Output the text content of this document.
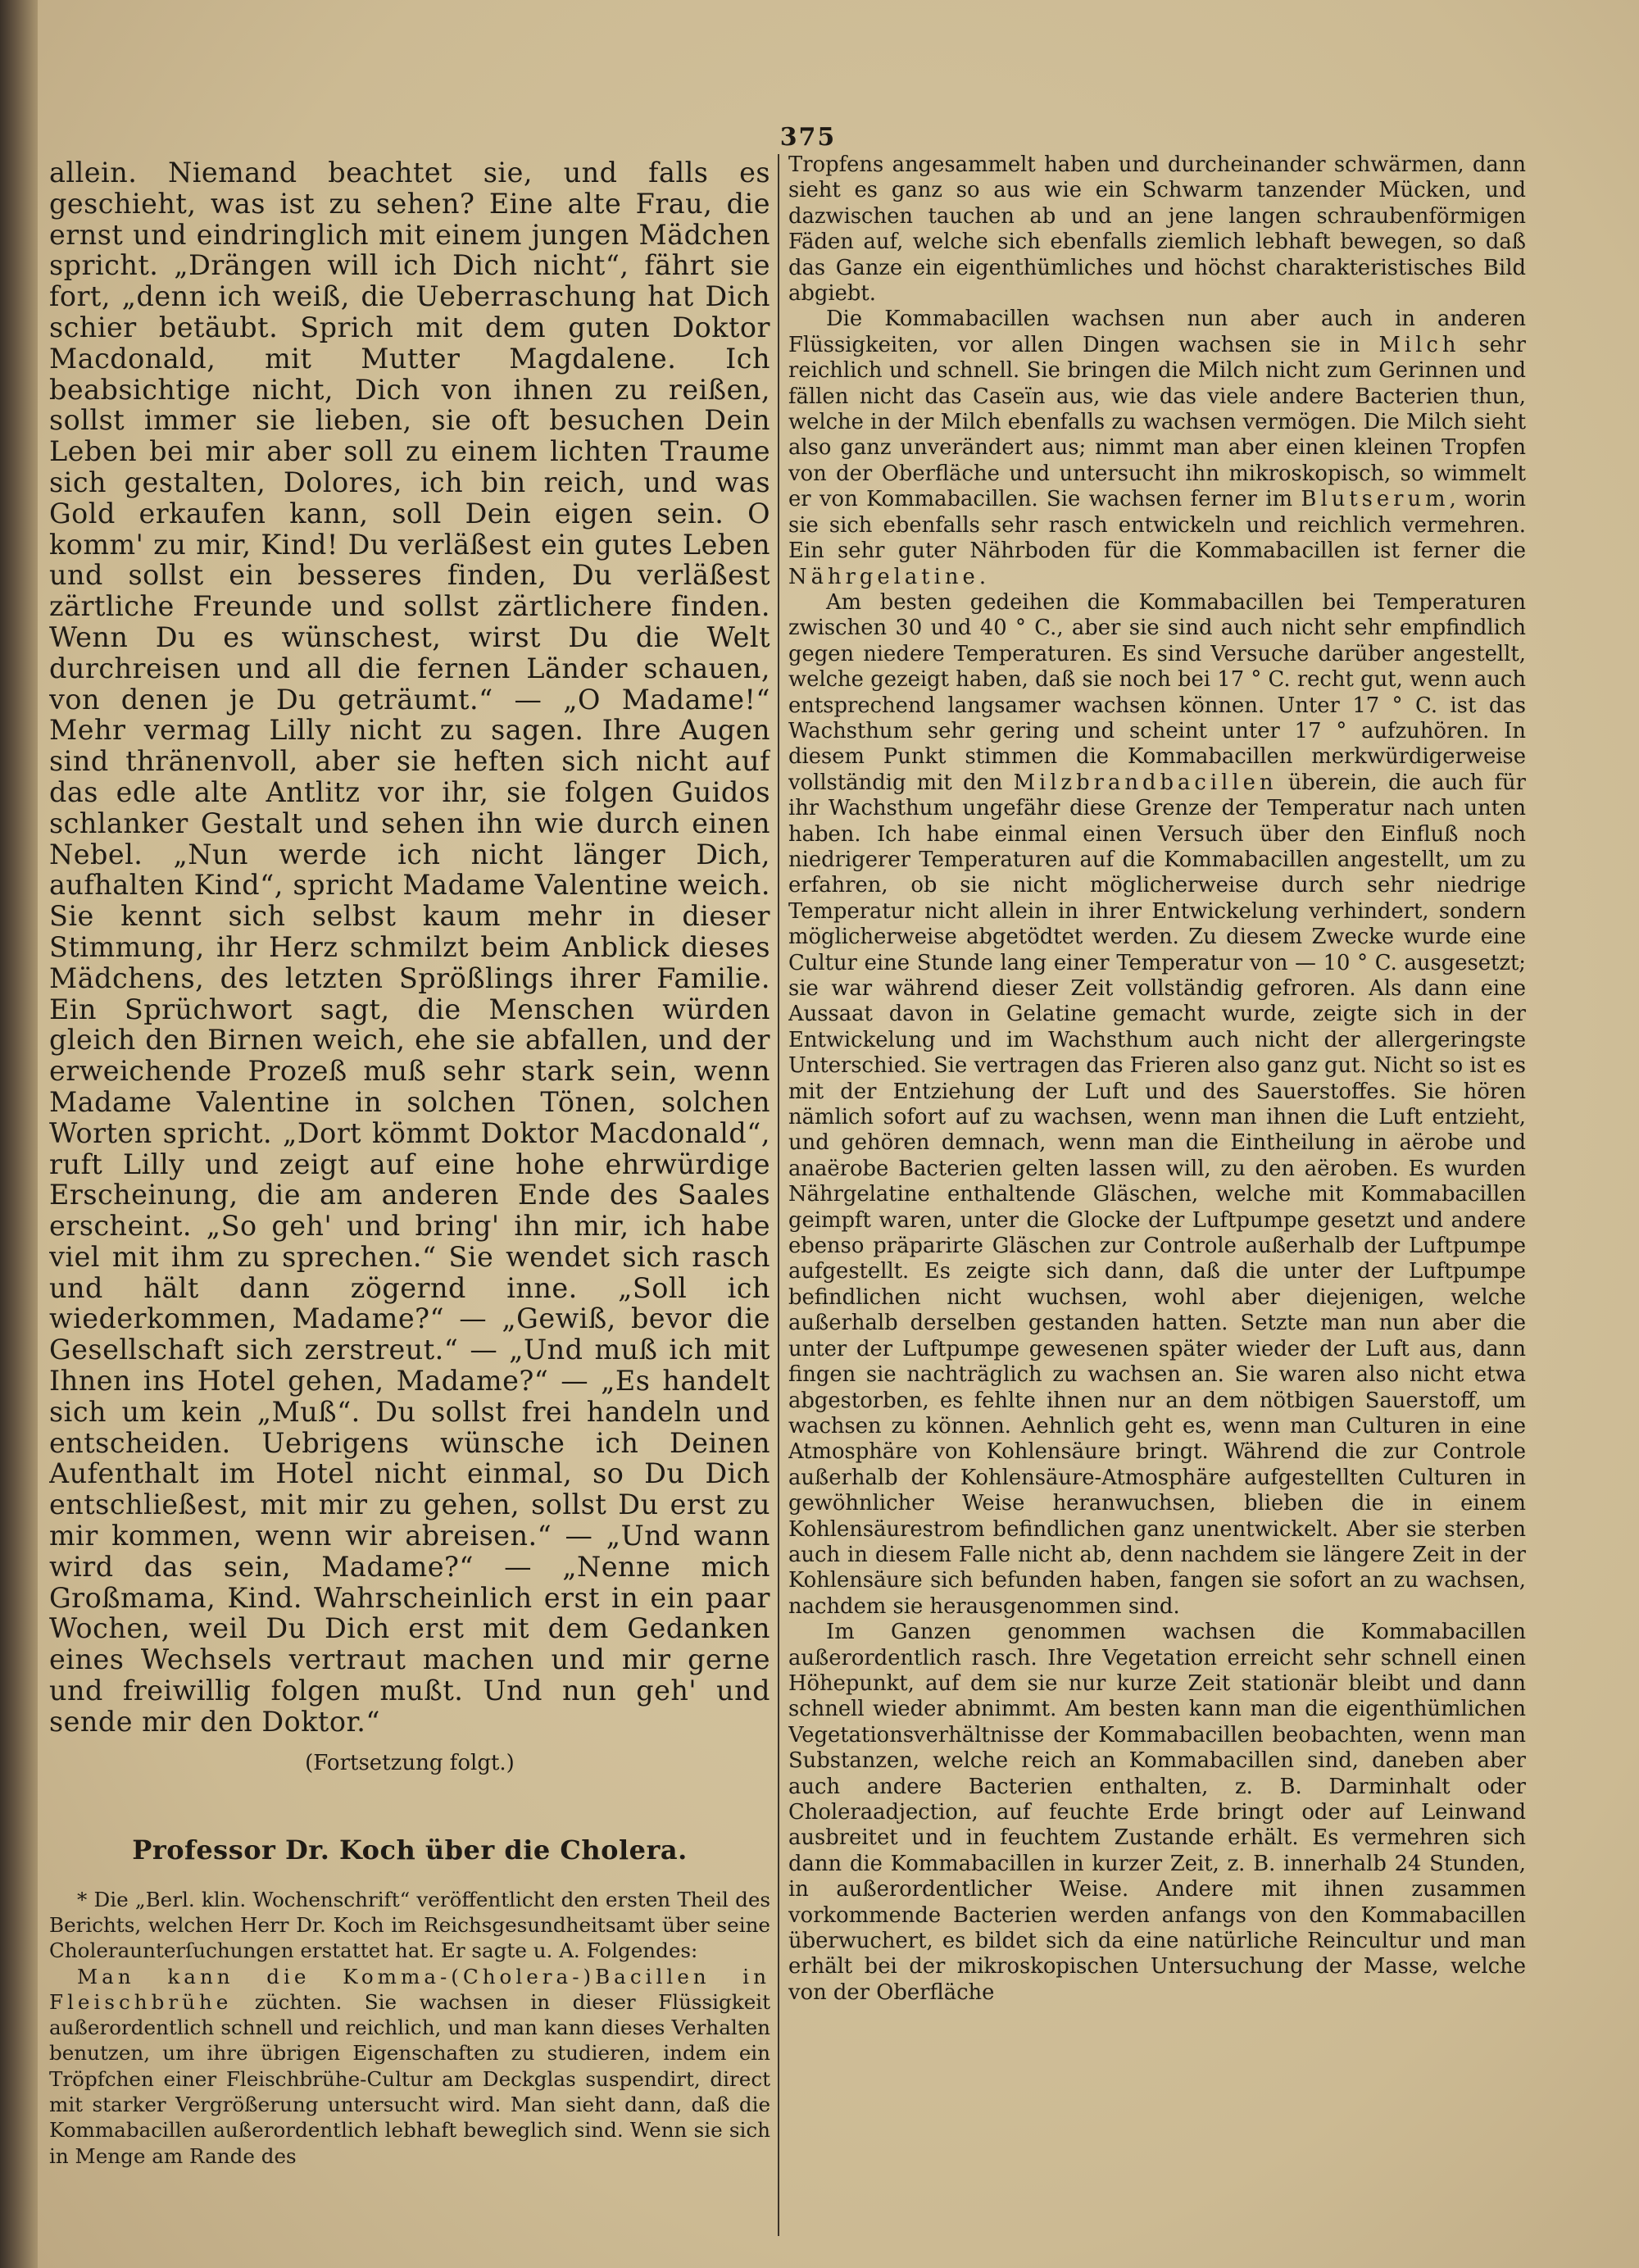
375

allein. Niemand beachtet sie, und falls es geschieht, was ist zu sehen? Eine alte Frau, die ernst und eindringlich mit einem jungen Mädchen spricht. „Drängen will ich Dich nicht“, fährt sie fort, „denn ich weiß, die Ueberraschung hat Dich schier betäubt. Sprich mit dem guten Doktor Macdonald, mit Mutter Magdalene. Ich beabsichtige nicht, Dich von ihnen zu reißen, sollst immer sie lieben, sie oft besuchen Dein Leben bei mir aber soll zu einem lichten Traume sich gestalten, Dolores, ich bin reich, und was Gold erkaufen kann, soll Dein eigen sein. O komm' zu mir, Kind! Du verläßest ein gutes Leben und sollst ein besseres finden, Du verläßest zärtliche Freunde und sollst zärtlichere finden. Wenn Du es wünschest, wirst Du die Welt durchreisen und all die fernen Länder schauen, von denen je Du geträumt.“ — „O Madame!“ Mehr vermag Lilly nicht zu sagen. Ihre Augen sind thränenvoll, aber sie heften sich nicht auf das edle alte Antlitz vor ihr, sie folgen Guidos schlanker Gestalt und sehen ihn wie durch einen Nebel. „Nun werde ich nicht länger Dich, aufhalten Kind“, spricht Madame Valentine weich. Sie kennt sich selbst kaum mehr in dieser Stimmung, ihr Herz schmilzt beim Anblick dieses Mädchens, des letzten Sprößlings ihrer Familie. Ein Sprüchwort sagt, die Menschen würden gleich den Birnen weich, ehe sie abfallen, und der erweichende Prozeß muß sehr stark sein, wenn Madame Valentine in solchen Tönen, solchen Worten spricht. „Dort kömmt Doktor Macdonald“, ruft Lilly und zeigt auf eine hohe ehrwürdige Erscheinung, die am anderen Ende des Saales erscheint. „So geh' und bring' ihn mir, ich habe viel mit ihm zu sprechen.“ Sie wendet sich rasch und hält dann zögernd inne. „Soll ich wiederkommen, Madame?“ — „Gewiß, bevor die Gesellschaft sich zerstreut.“ — „Und muß ich mit Ihnen ins Hotel gehen, Madame?“ — „Es handelt sich um kein „Muß“. Du sollst frei handeln und entscheiden. Uebrigens wünsche ich Deinen Aufenthalt im Hotel nicht einmal, so Du Dich entschließest, mit mir zu gehen, sollst Du erst zu mir kommen, wenn wir abreisen.“ — „Und wann wird das sein, Madame?“ — „Nenne mich Großmama, Kind. Wahrscheinlich erst in ein paar Wochen, weil Du Dich erst mit dem Gedanken eines Wechsels vertraut machen und mir gerne und freiwillig folgen mußt. Und nun geh' und sende mir den Doktor.“

(Fortsetzung folgt.)

Professor Dr. Koch über die Cholera.

* Die „Berl. klin. Wochenschrift“ veröffentlicht den ersten Theil des Berichts, welchen Herr Dr. Koch im Reichsgesundheitsamt über seine Choleraunterſuchungen erstattet hat. Er sagte u. A. Folgendes:

Man kann die Komma-(Cholera-)Bacillen in Fleischbrühe züchten. Sie wachsen in dieser Flüssigkeit außerordentlich schnell und reichlich, und man kann dieses Verhalten benutzen, um ihre übrigen Eigenschaften zu studieren, indem ein Tröpfchen einer Fleischbrühe-Cultur am Deckglas suspendirt, direct mit starker Vergrößerung untersucht wird. Man sieht dann, daß die Kommabacillen außerordentlich lebhaft beweglich sind. Wenn sie sich in Menge am Rande des

Tropfens angesammelt haben und durcheinander schwärmen, dann sieht es ganz so aus wie ein Schwarm tanzender Mücken, und dazwischen tauchen ab und an jene langen schraubenförmigen Fäden auf, welche sich ebenfalls ziemlich lebhaft bewegen, so daß das Ganze ein eigenthümliches und höchst charakteristisches Bild abgiebt.

Die Kommabacillen wachsen nun aber auch in anderen Flüssigkeiten, vor allen Dingen wachsen sie in Milch sehr reichlich und schnell. Sie bringen die Milch nicht zum Gerinnen und fällen nicht das Caseïn aus, wie das viele andere Bacterien thun, welche in der Milch ebenfalls zu wachsen vermögen. Die Milch sieht also ganz unverändert aus; nimmt man aber einen kleinen Tropfen von der Oberfläche und untersucht ihn mikroskopisch, so wimmelt er von Kommabacillen. Sie wachsen ferner im Blutserum, worin sie sich ebenfalls sehr rasch entwickeln und reichlich vermehren. Ein sehr guter Nährboden für die Kommabacillen ist ferner die Nährgelatine.

Am besten gedeihen die Kommabacillen bei Temperaturen zwischen 30 und 40 ° C., aber sie sind auch nicht sehr empfindlich gegen niedere Temperaturen. Es sind Versuche darüber angestellt, welche gezeigt haben, daß sie noch bei 17 ° C. recht gut, wenn auch entsprechend langsamer wachsen können. Unter 17 ° C. ist das Wachsthum sehr gering und scheint unter 17 ° aufzuhören. In diesem Punkt stimmen die Kommabacillen merkwürdigerweise vollständig mit den Milzbrandbacillen überein, die auch für ihr Wachsthum ungefähr diese Grenze der Temperatur nach unten haben. Ich habe einmal einen Versuch über den Einfluß noch niedrigerer Temperaturen auf die Kommabacillen angestellt, um zu erfahren, ob sie nicht möglicherweise durch sehr niedrige Temperatur nicht allein in ihrer Entwickelung verhindert, sondern möglicherweise abgetödtet werden. Zu diesem Zwecke wurde eine Cultur eine Stunde lang einer Temperatur von — 10 ° C. ausgesetzt; sie war während dieser Zeit vollständig gefroren. Als dann eine Aussaat davon in Gelatine gemacht wurde, zeigte sich in der Entwickelung und im Wachsthum auch nicht der allergeringste Unterschied. Sie vertragen das Frieren also ganz gut. Nicht so ist es mit der Entziehung der Luft und des Sauerstoffes. Sie hören nämlich sofort auf zu wachsen, wenn man ihnen die Luft entzieht, und gehören demnach, wenn man die Eintheilung in aërobe und anaërobe Bacterien gelten lassen will, zu den aëroben. Es wurden Nährgelatine enthaltende Gläschen, welche mit Kommabacillen geimpft waren, unter die Glocke der Luftpumpe gesetzt und andere ebenso präparirte Gläschen zur Controle außerhalb der Luftpumpe aufgestellt. Es zeigte sich dann, daß die unter der Luftpumpe befindlichen nicht wuchsen, wohl aber diejenigen, welche außerhalb derselben gestanden hatten. Setzte man nun aber die unter der Luftpumpe gewesenen später wieder der Luft aus, dann fingen sie nachträglich zu wachsen an. Sie waren also nicht etwa abgestorben, es fehlte ihnen nur an dem nötbigen Sauerstoff, um wachsen zu können. Aehnlich geht es, wenn man Culturen in eine Atmosphäre von Kohlensäure bringt. Während die zur Controle außerhalb der Kohlensäure-Atmosphäre aufgestellten Culturen in gewöhnlicher Weise heranwuchsen, blieben die in einem Kohlensäurestrom befindlichen ganz unentwickelt. Aber sie sterben auch in diesem Falle nicht ab, denn nachdem sie längere Zeit in der Kohlensäure sich befunden haben, fangen sie sofort an zu wachsen, nachdem sie herausgenommen sind.

Im Ganzen genommen wachsen die Kommabacillen außerordentlich rasch. Ihre Vegetation erreicht sehr schnell einen Höhepunkt, auf dem sie nur kurze Zeit stationär bleibt und dann schnell wieder abnimmt. Am besten kann man die eigenthümlichen Vegetationsverhältnisse der Kommabacillen beobachten, wenn man Substanzen, welche reich an Kommabacillen sind, daneben aber auch andere Bacterien enthalten, z. B. Darminhalt oder Choleraadjection, auf feuchte Erde bringt oder auf Leinwand ausbreitet und in feuchtem Zustande erhält. Es vermehren sich dann die Kommabacillen in kurzer Zeit, z. B. innerhalb 24 Stunden, in außerordentlicher Weise. Andere mit ihnen zusammen vorkommende Bacterien werden anfangs von den Kommabacillen überwuchert, es bildet sich da eine natürliche Reincultur und man erhält bei der mikroskopischen Untersuchung der Masse, welche von der Oberfläche
